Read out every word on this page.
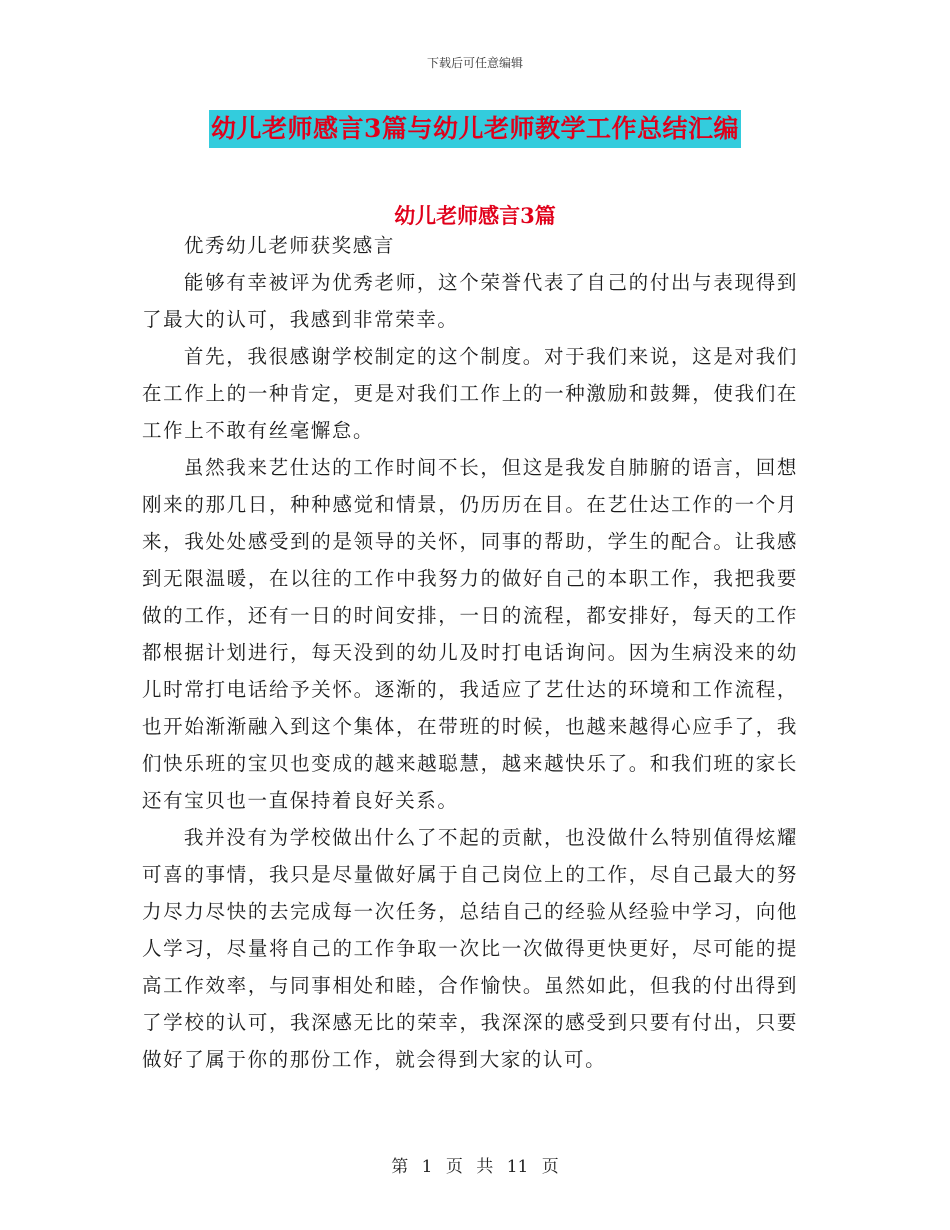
下载后可任意编辑
幼儿老师感言3篇与幼儿老师教学工作总结汇编
幼儿老师感言3篇

优秀幼儿老师获奖感言

能够有幸被评为优秀老师，这个荣誉代表了自己的付出与表现得到了最大的认可，我感到非常荣幸。

首先，我很感谢学校制定的这个制度。对于我们来说，这是对我们在工作上的一种肯定，更是对我们工作上的一种激励和鼓舞，使我们在工作上不敢有丝毫懈怠。

虽然我来艺仕达的工作时间不长，但这是我发自肺腑的语言，回想刚来的那几日，种种感觉和情景，仍历历在目。在艺仕达工作的一个月来，我处处感受到的是领导的关怀，同事的帮助，学生的配合。让我感到无限温暖，在以往的工作中我努力的做好自己的本职工作，我把我要做的工作，还有一日的时间安排，一日的流程，都安排好，每天的工作都根据计划进行，每天没到的幼儿及时打电话询问。因为生病没来的幼儿时常打电话给予关怀。逐渐的，我适应了艺仕达的环境和工作流程，也开始渐渐融入到这个集体，在带班的时候，也越来越得心应手了，我们快乐班的宝贝也变成的越来越聪慧，越来越快乐了。和我们班的家长还有宝贝也一直保持着良好关系。

我并没有为学校做出什么了不起的贡献，也没做什么特别值得炫耀可喜的事情，我只是尽量做好属于自己岗位上的工作，尽自己最大的努力尽力尽快的去完成每一次任务，总结自己的经验从经验中学习，向他人学习，尽量将自己的工作争取一次比一次做得更快更好，尽可能的提高工作效率，与同事相处和睦，合作愉快。虽然如此，但我的付出得到了学校的认可，我深感无比的荣幸，我深深的感受到只要有付出，只要做好了属于你的那份工作，就会得到大家的认可。

第 1 页 共 11 页
